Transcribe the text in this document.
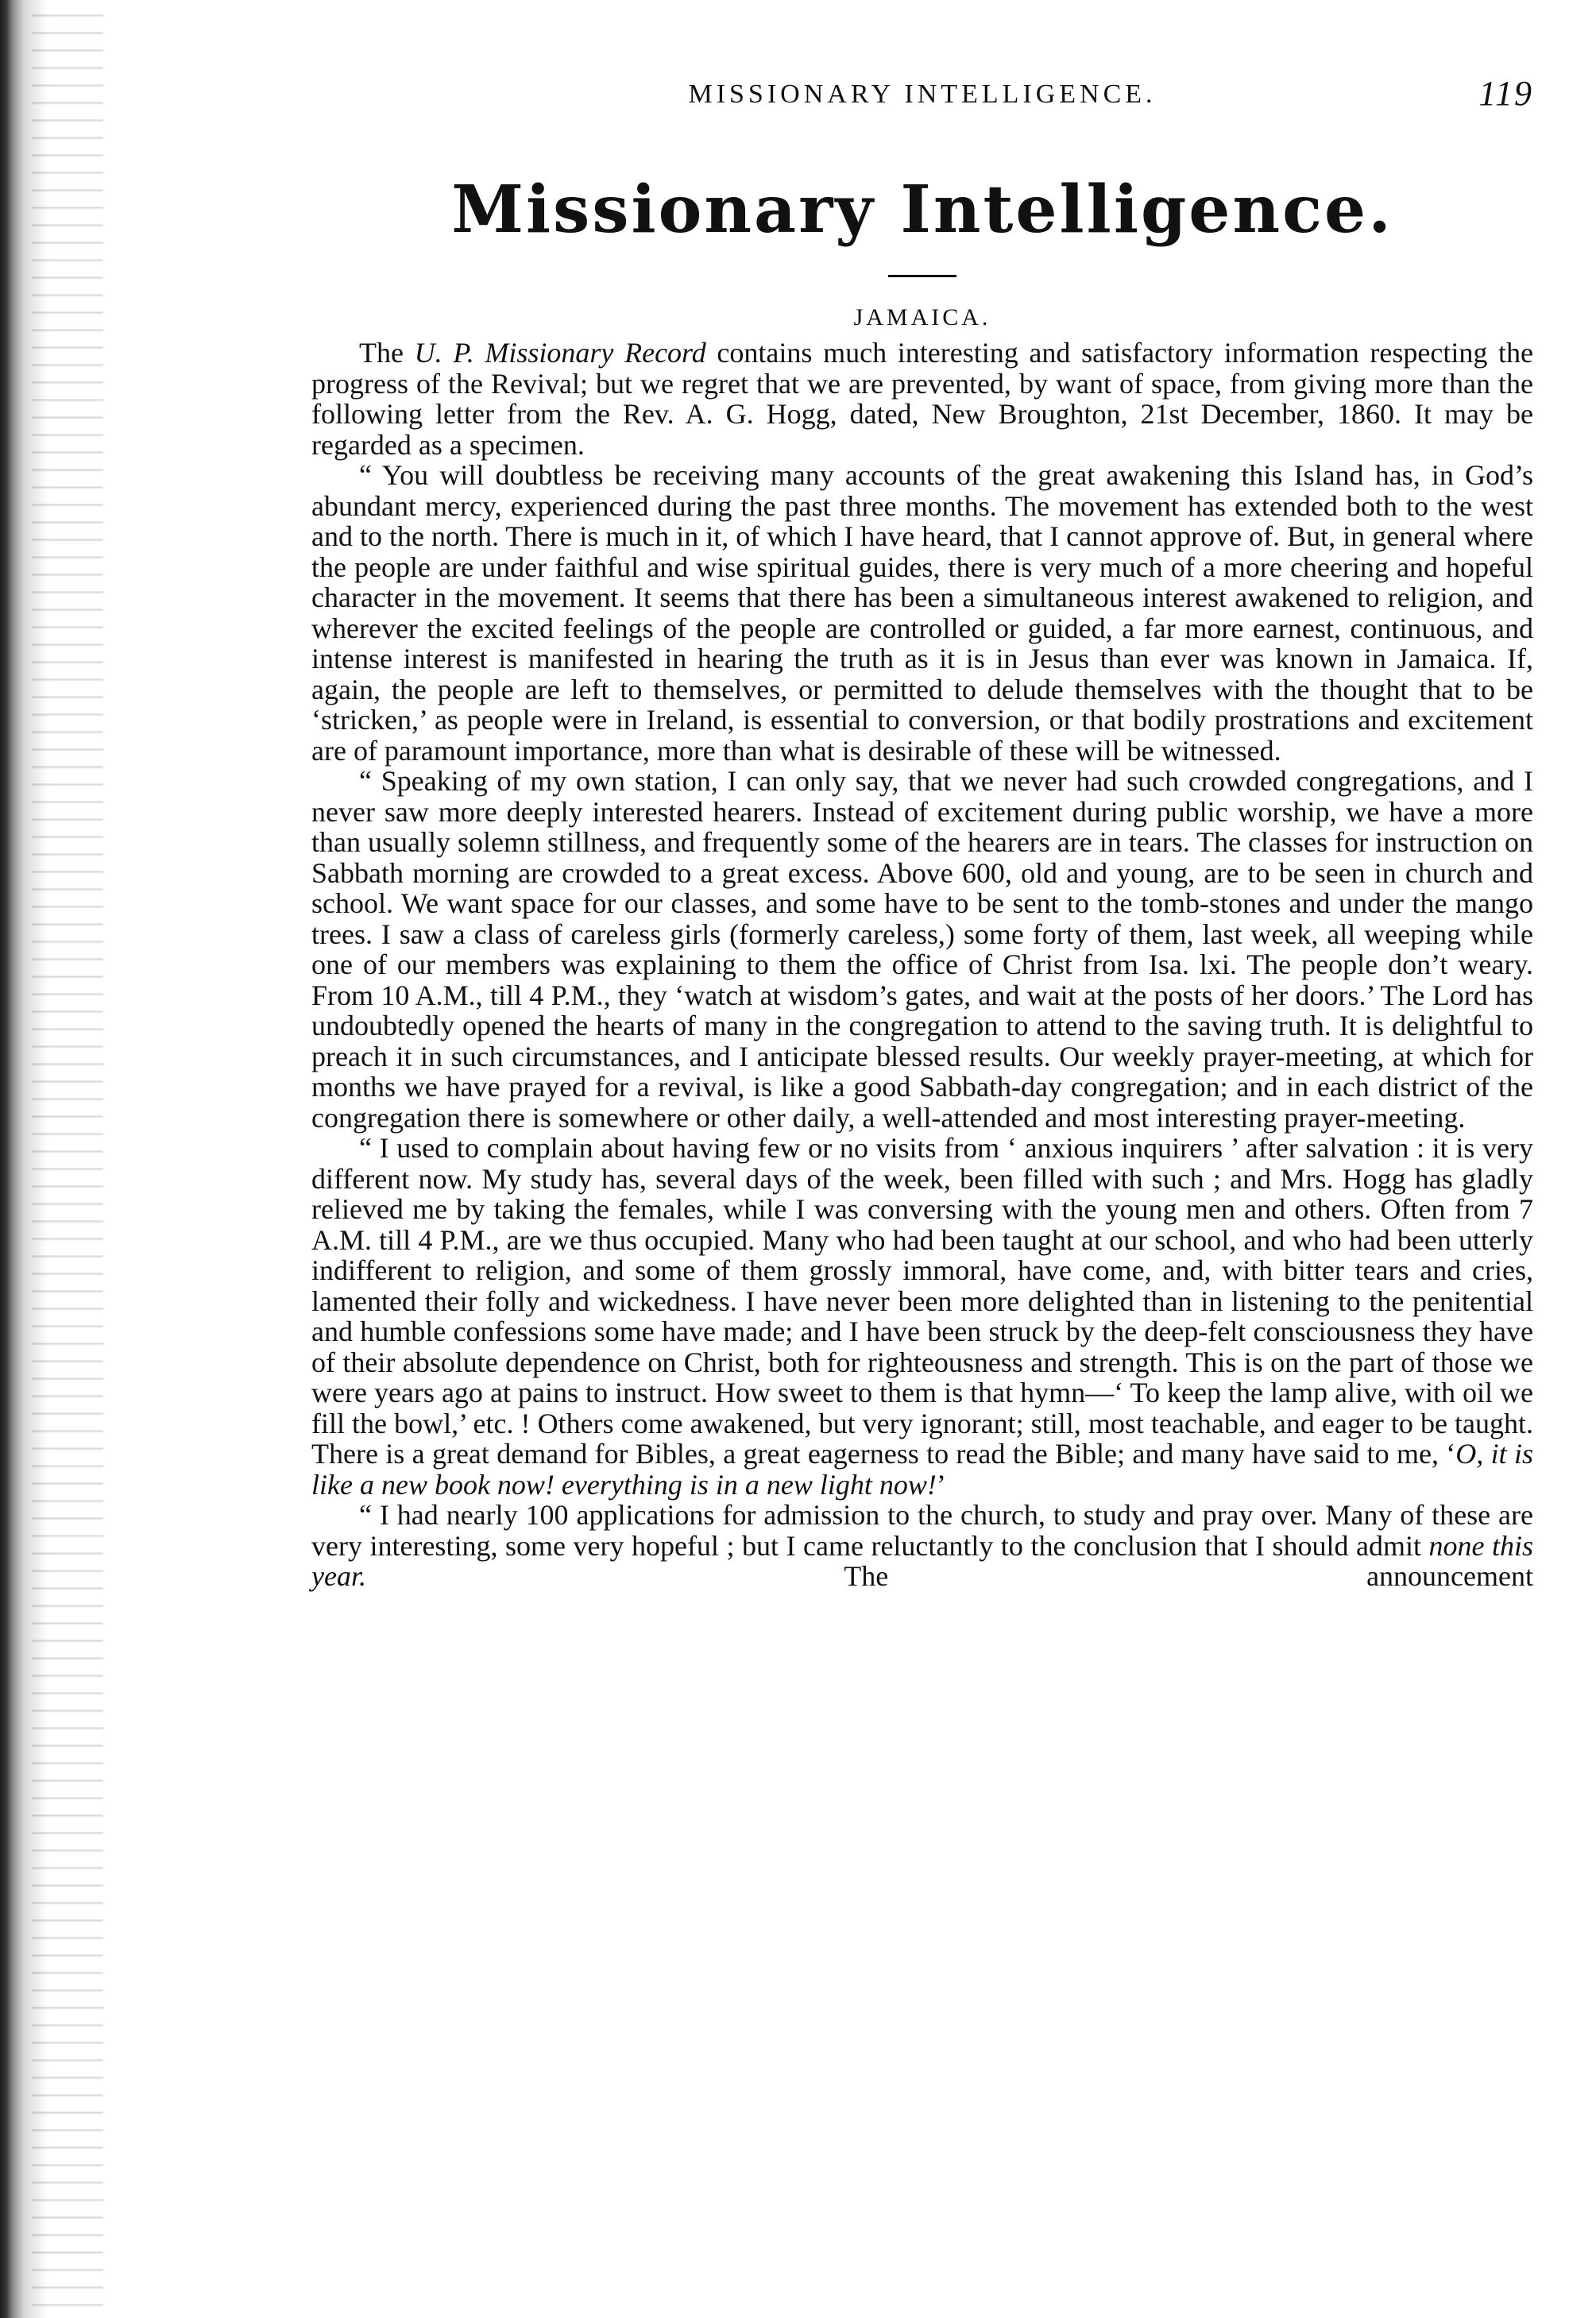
MISSIONARY INTELLIGENCE.	119
Missionary Intelligence.
JAMAICA.

The U. P. Missionary Record contains much interesting and satisfactory information respecting the progress of the Revival; but we regret that we are prevented, by want of space, from giving more than the following letter from the Rev. A. G. Hogg, dated, New Broughton, 21st December, 1860. It may be regarded as a specimen.

“ You will doubtless be receiving many accounts of the great awakening this Island has, in God’s abundant mercy, experienced during the past three months. The movement has extended both to the west and to the north. There is much in it, of which I have heard, that I cannot approve of. But, in general where the people are under faithful and wise spiritual guides, there is very much of a more cheering and hopeful character in the movement. It seems that there has been a simultaneous interest awakened to religion, and wherever the excited feelings of the people are controlled or guided, a far more earnest, continuous, and intense interest is manifested in hearing the truth as it is in Jesus than ever was known in Jamaica. If, again, the people are left to themselves, or permitted to delude themselves with the thought that to be ‘stricken,’ as people were in Ireland, is essential to conversion, or that bodily prostrations and excitement are of paramount importance, more than what is desirable of these will be witnessed.

“ Speaking of my own station, I can only say, that we never had such crowded congregations, and I never saw more deeply interested hearers. Instead of excitement during public worship, we have a more than usually solemn stillness, and frequently some of the hearers are in tears. The classes for instruction on Sabbath morning are crowded to a great excess. Above 600, old and young, are to be seen in church and school. We want space for our classes, and some have to be sent to the tomb-stones and under the mango trees. I saw a class of careless girls (formerly careless,) some forty of them, last week, all weeping while one of our members was explaining to them the office of Christ from Isa. lxi. The people don’t weary. From 10 A.M., till 4 P.M., they ‘watch at wisdom’s gates, and wait at the posts of her doors.’ The Lord has undoubtedly opened the hearts of many in the congregation to attend to the saving truth. It is delightful to preach it in such circumstances, and I anticipate blessed results. Our weekly prayer-meeting, at which for months we have prayed for a revival, is like a good Sabbath-day congregation; and in each district of the congregation there is somewhere or other daily, a well-attended and most interesting prayer-meeting.

“ I used to complain about having few or no visits from ‘ anxious inquirers ’ after salvation : it is very different now. My study has, several days of the week, been filled with such ; and Mrs. Hogg has gladly relieved me by taking the females, while I was conversing with the young men and others. Often from 7 A.M. till 4 P.M., are we thus occupied. Many who had been taught at our school, and who had been utterly indifferent to religion, and some of them grossly immoral, have come, and, with bitter tears and cries, lamented their folly and wickedness. I have never been more delighted than in listening to the penitential and humble confessions some have made; and I have been struck by the deep-felt consciousness they have of their absolute dependence on Christ, both for righteousness and strength. This is on the part of those we were years ago at pains to instruct. How sweet to them is that hymn—‘ To keep the lamp alive, with oil we fill the bowl,’ etc. ! Others come awakened, but very ignorant; still, most teachable, and eager to be taught. There is a great demand for Bibles, a great eagerness to read the Bible; and many have said to me, ‘O, it is like a new book now! everything is in a new light now!’

“ I had nearly 100 applications for admission to the church, to study and pray over. Many of these are very interesting, some very hopeful ; but I came reluctantly to the conclusion that I should admit none this year. The announcement
